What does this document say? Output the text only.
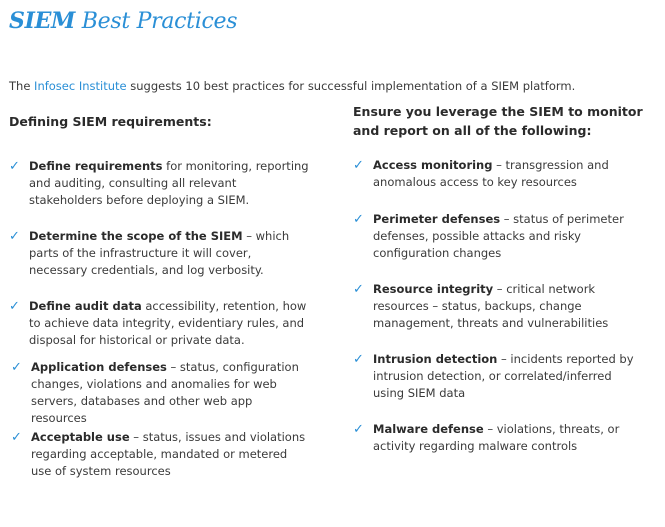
SIEM Best Practices
The Infosec Institute suggests 10 best practices for successful implementation of a SIEM platform.
Defining SIEM requirements:
Ensure you leverage the SIEM to monitor and report on all of the following:
✓ Define requirements for monitoring, reporting and auditing, consulting all relevant stakeholders before deploying a SIEM.
✓ Determine the scope of the SIEM – which parts of the infrastructure it will cover, necessary credentials, and log verbosity.
✓ Define audit data accessibility, retention, how to achieve data integrity, evidentiary rules, and disposal for historical or private data.
✓ Application defenses – status, configuration changes, violations and anomalies for web servers, databases and other web app resources
✓ Acceptable use – status, issues and violations regarding acceptable, mandated or metered use of system resources
✓ Access monitoring – transgression and anomalous access to key resources
✓ Perimeter defenses – status of perimeter defenses, possible attacks and risky configuration changes
✓ Resource integrity – critical network resources – status, backups, change management, threats and vulnerabilities
✓ Intrusion detection – incidents reported by intrusion detection, or correlated/inferred using SIEM data
✓ Malware defense – violations, threats, or activity regarding malware controls
